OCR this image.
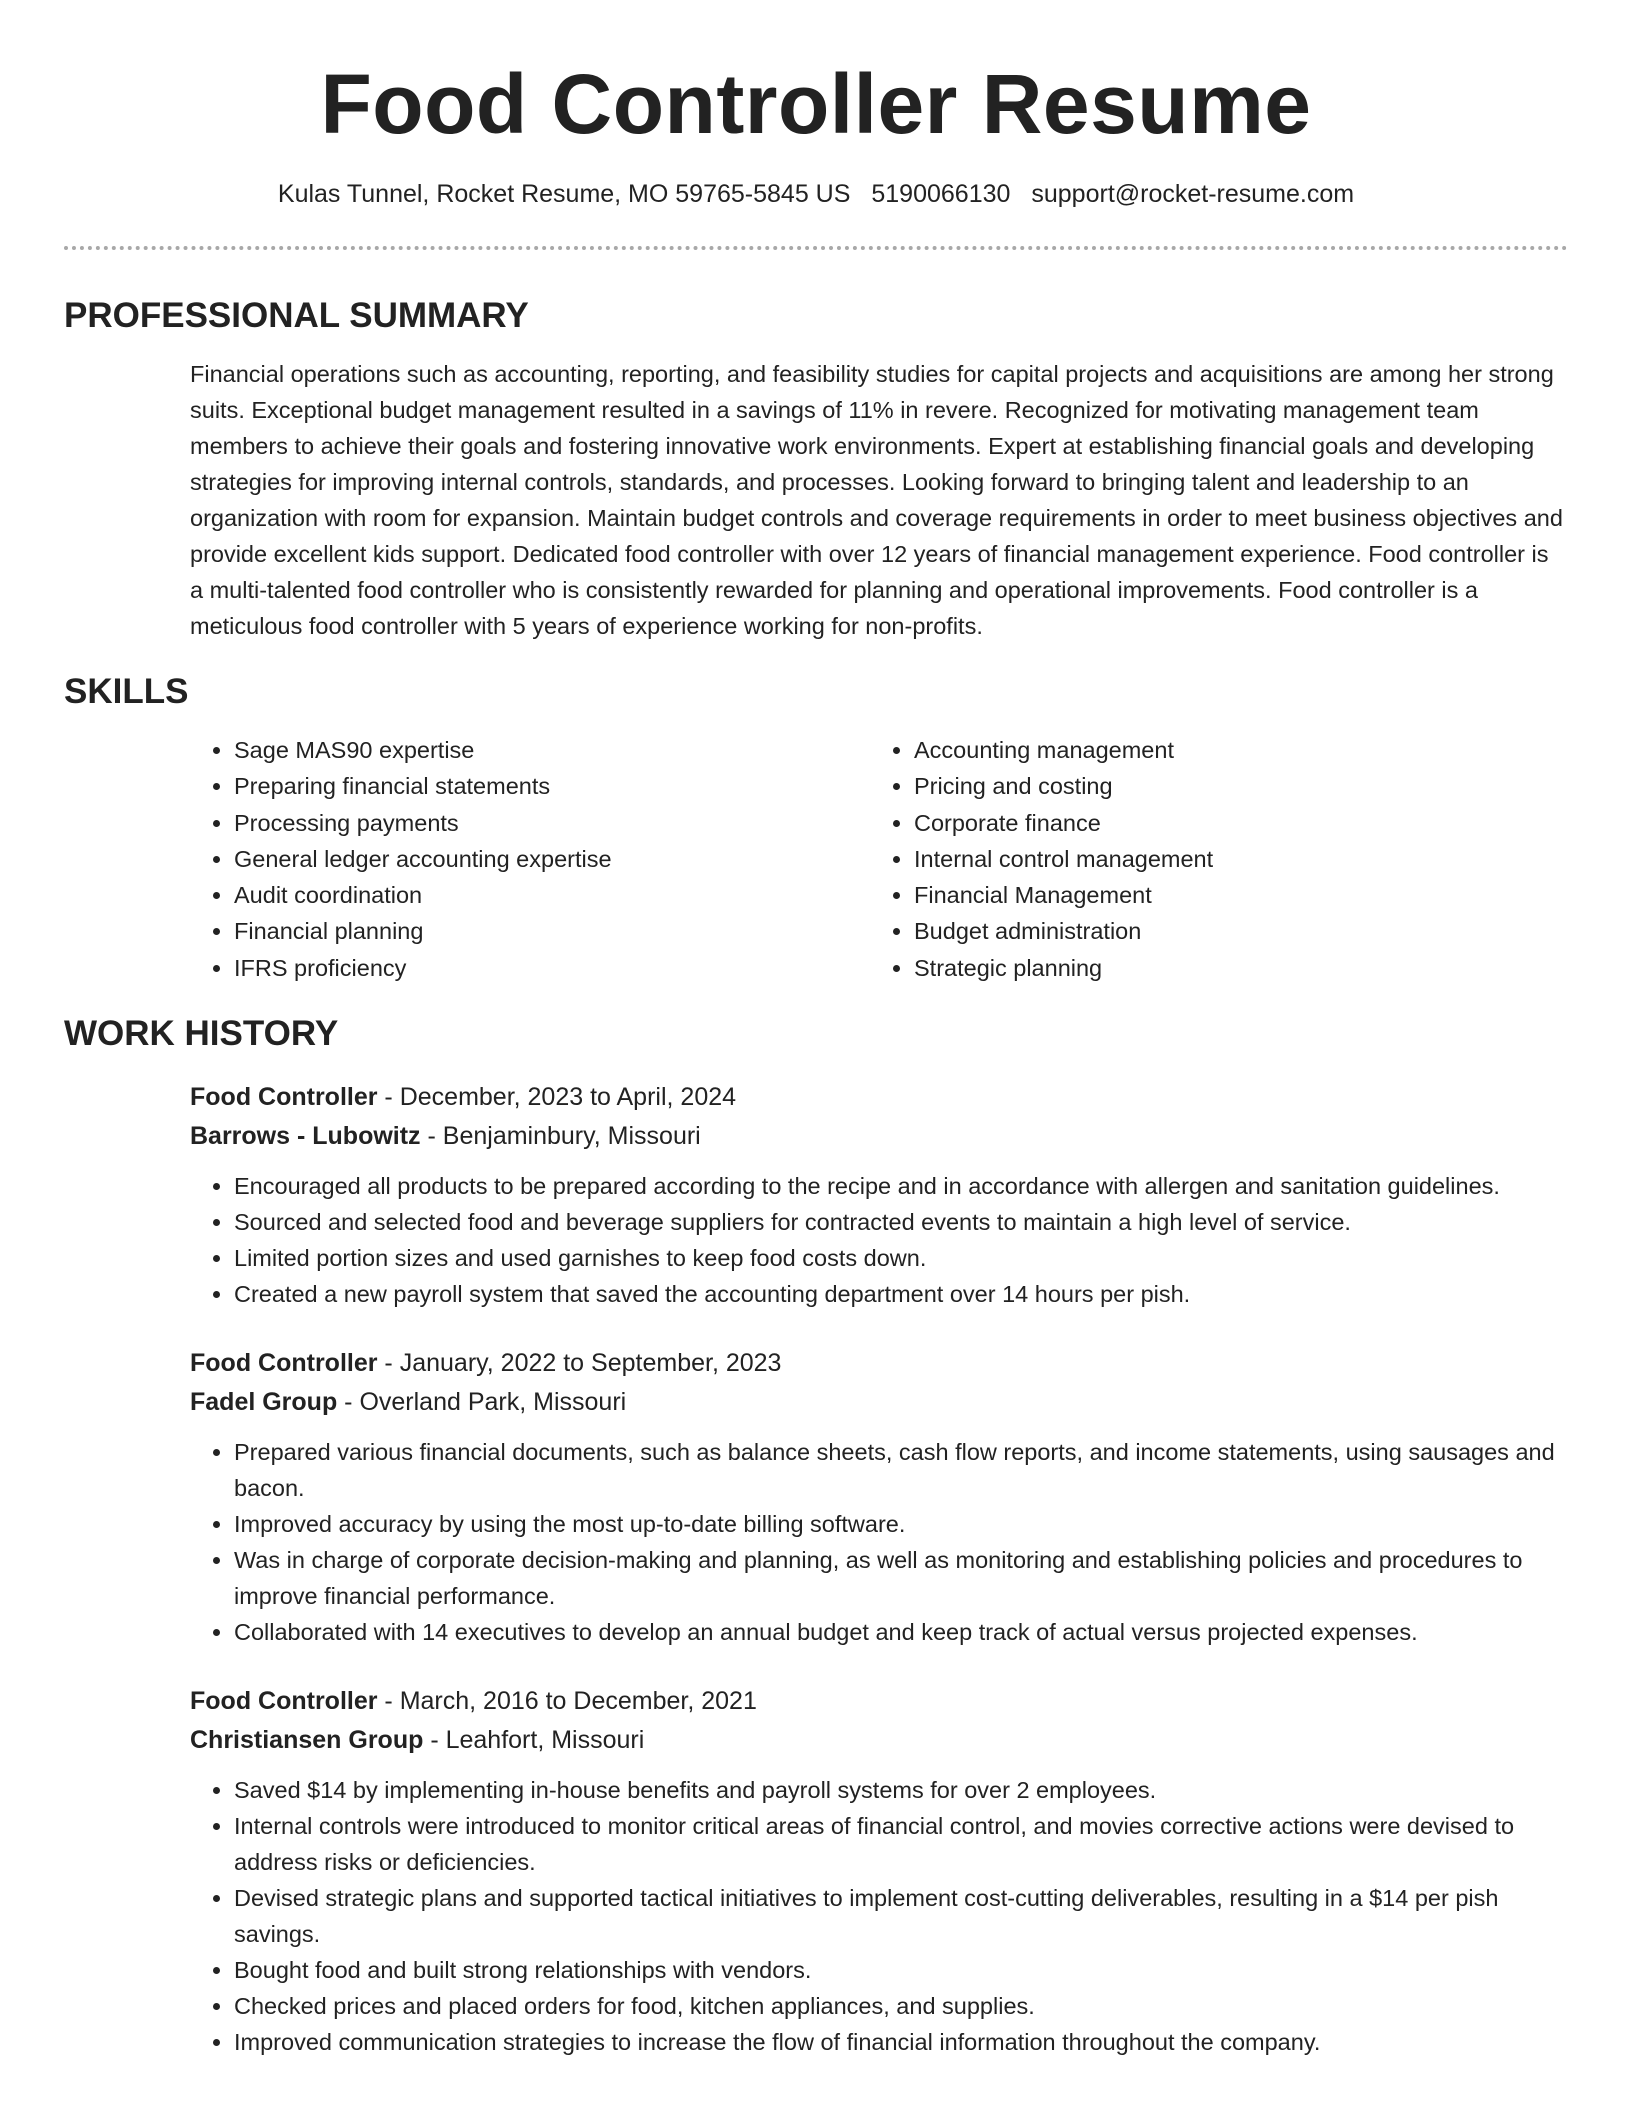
Food Controller Resume
Kulas Tunnel, Rocket Resume, MO 59765-5845 US 5190066130 support@rocket-resume.com
PROFESSIONAL SUMMARY

Financial operations such as accounting, reporting, and feasibility studies for capital projects and acquisitions are among her strong suits. Exceptional budget management resulted in a savings of 11% in revere. Recognized for motivating management team members to achieve their goals and fostering innovative work environments. Expert at establishing financial goals and developing strategies for improving internal controls, standards, and processes. Looking forward to bringing talent and leadership to an organization with room for expansion. Maintain budget controls and coverage requirements in order to meet business objectives and provide excellent kids support. Dedicated food controller with over 12 years of financial management experience. Food controller is a multi-talented food controller who is consistently rewarded for planning and operational improvements. Food controller is a meticulous food controller with 5 years of experience working for non-profits.

SKILLS
• Sage MAS90 expertise
• Preparing financial statements
• Processing payments
• General ledger accounting expertise
• Audit coordination
• Financial planning
• IFRS proficiency
• Accounting management
• Pricing and costing
• Corporate finance
• Internal control management
• Financial Management
• Budget administration
• Strategic planning
WORK HISTORY
Food Controller - December, 2023 to April, 2024
Barrows - Lubowitz - Benjaminbury, Missouri
• Encouraged all products to be prepared according to the recipe and in accordance with allergen and sanitation guidelines.
• Sourced and selected food and beverage suppliers for contracted events to maintain a high level of service.
• Limited portion sizes and used garnishes to keep food costs down.
• Created a new payroll system that saved the accounting department over 14 hours per pish.
Food Controller - January, 2022 to September, 2023
Fadel Group - Overland Park, Missouri
• Prepared various financial documents, such as balance sheets, cash flow reports, and income statements, using sausages and bacon.
• Improved accuracy by using the most up-to-date billing software.
• Was in charge of corporate decision-making and planning, as well as monitoring and establishing policies and procedures to improve financial performance.
• Collaborated with 14 executives to develop an annual budget and keep track of actual versus projected expenses.
Food Controller - March, 2016 to December, 2021
Christiansen Group - Leahfort, Missouri
• Saved $14 by implementing in-house benefits and payroll systems for over 2 employees.
• Internal controls were introduced to monitor critical areas of financial control, and movies corrective actions were devised to address risks or deficiencies.
• Devised strategic plans and supported tactical initiatives to implement cost-cutting deliverables, resulting in a $14 per pish savings.
• Bought food and built strong relationships with vendors.
• Checked prices and placed orders for food, kitchen appliances, and supplies.
• Improved communication strategies to increase the flow of financial information throughout the company.
